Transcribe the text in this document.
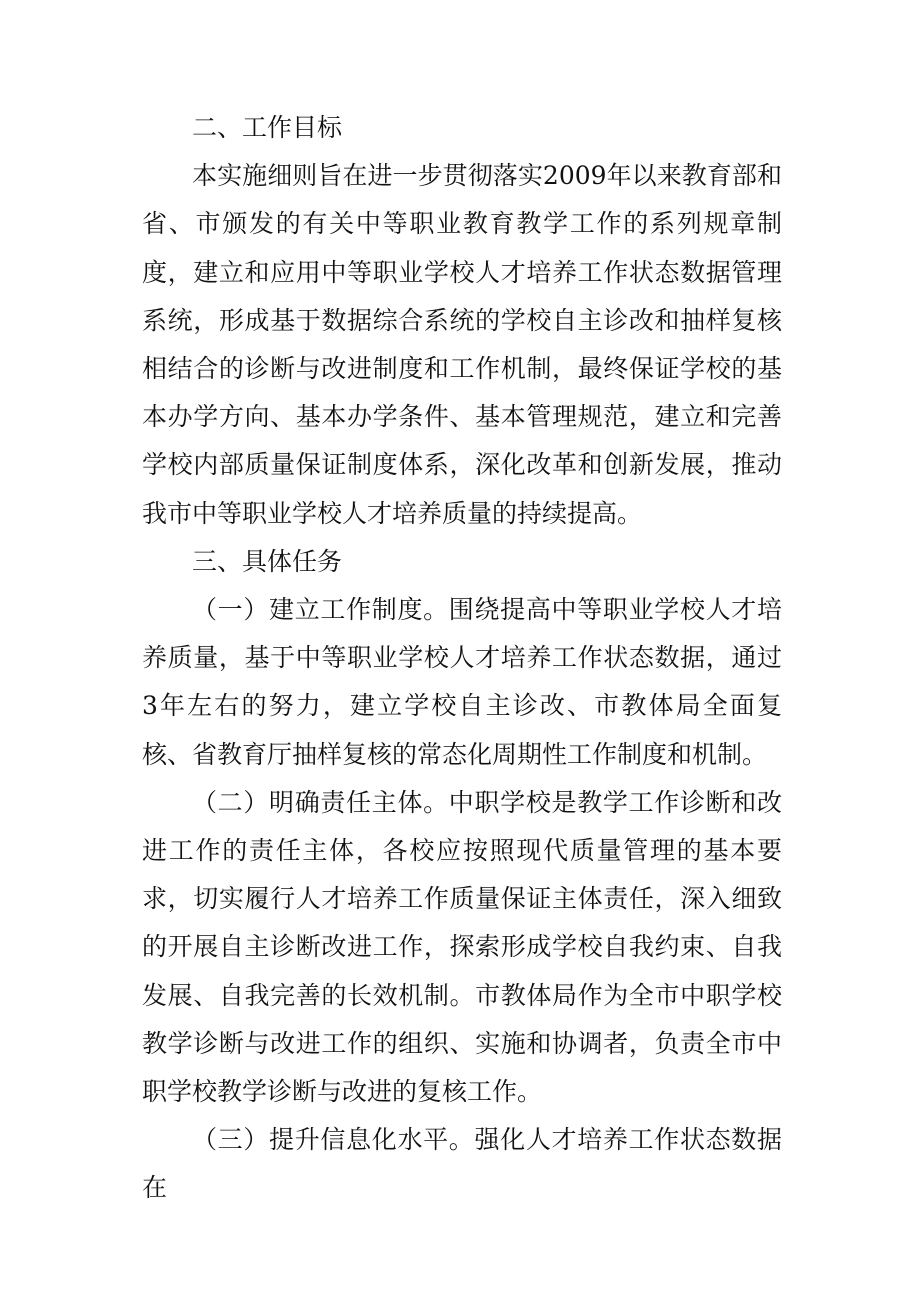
二、工作目标

本实施细则旨在进一步贯彻落实2009年以来教育部和省、市颁发的有关中等职业教育教学工作的系列规章制度，建立和应用中等职业学校人才培养工作状态数据管理系统，形成基于数据综合系统的学校自主诊改和抽样复核相结合的诊断与改进制度和工作机制，最终保证学校的基本办学方向、基本办学条件、基本管理规范，建立和完善学校内部质量保证制度体系，深化改革和创新发展，推动我市中等职业学校人才培养质量的持续提高。

三、具体任务

（一）建立工作制度。围绕提高中等职业学校人才培养质量，基于中等职业学校人才培养工作状态数据，通过3年左右的努力，建立学校自主诊改、市教体局全面复核、省教育厅抽样复核的常态化周期性工作制度和机制。

（二）明确责任主体。中职学校是教学工作诊断和改进工作的责任主体，各校应按照现代质量管理的基本要求，切实履行人才培养工作质量保证主体责任，深入细致的开展自主诊断改进工作，探索形成学校自我约束、自我发展、自我完善的长效机制。市教体局作为全市中职学校教学诊断与改进工作的组织、实施和协调者，负责全市中职学校教学诊断与改进的复核工作。

（三）提升信息化水平。强化人才培养工作状态数据在
